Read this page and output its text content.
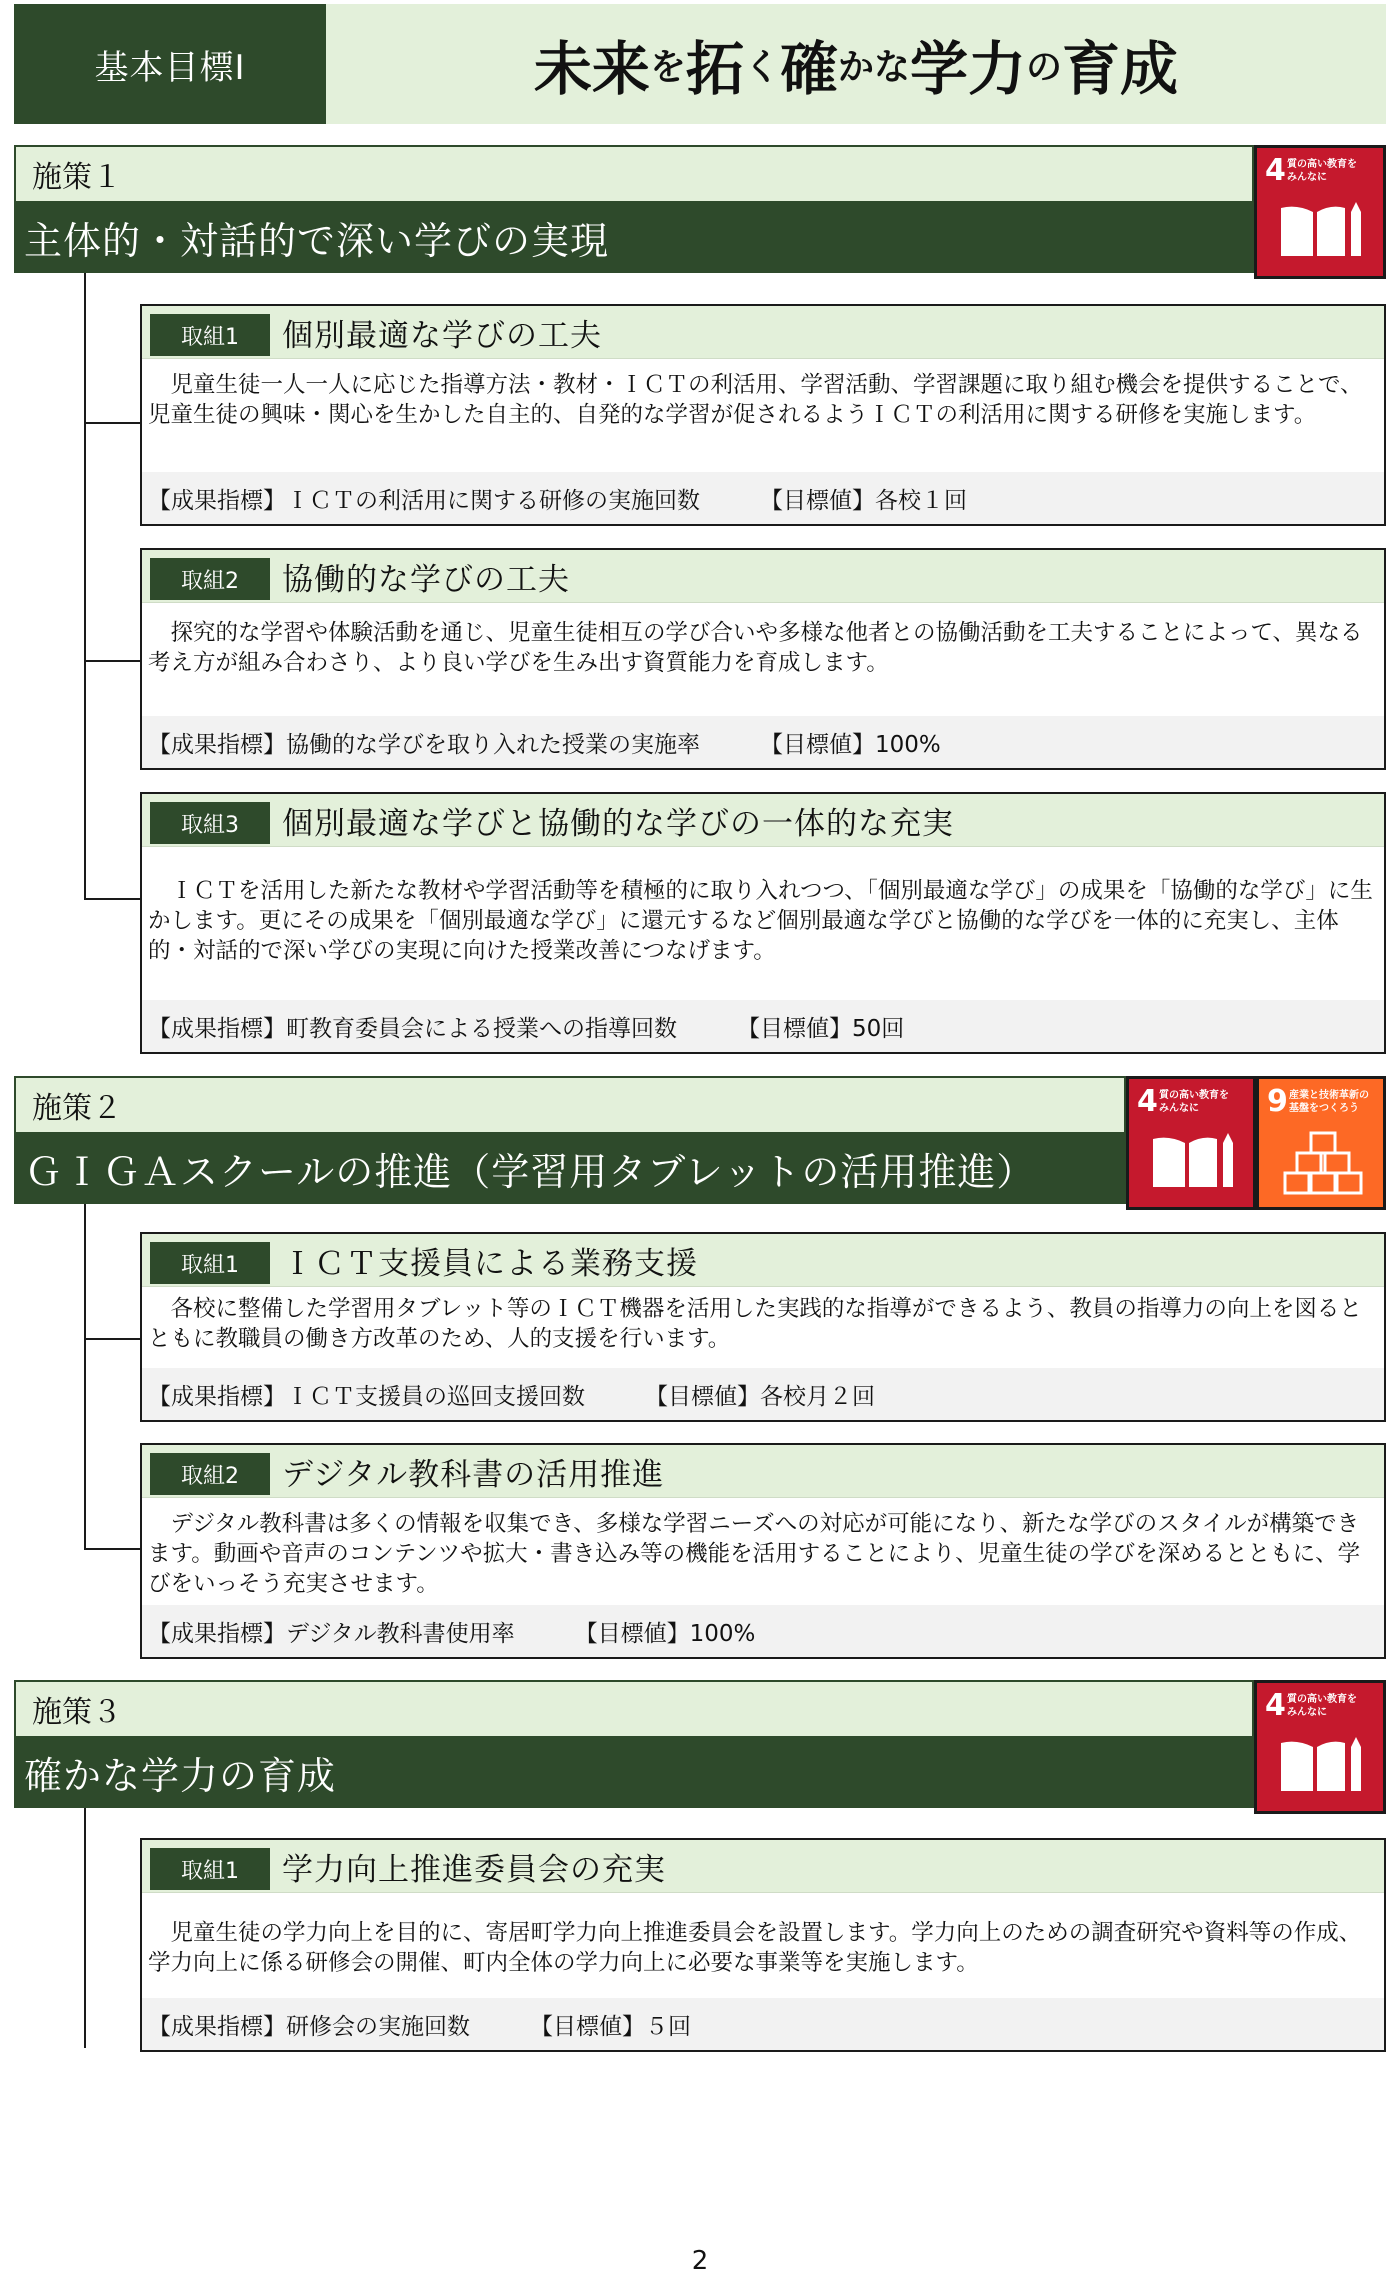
基本目標Ⅰ	未来 を 拓 く 確 かな 学力 の 育成
施策１
主体的・対話的で深い学びの実現
4 質の高い教育を
みんなに
取組1	個別最適な学びの工夫
児童生徒一人一人に応じた指導方法・教材・ＩＣＴの利活用、学習活動、学習課題に取り組む機会を提供することで、児童生徒の興味・関心を生かした自主的、自発的な学習が促されるようＩＣＴの利活用に関する研修を実施します。
【成果指標】ＩＣＴの利活用に関する研修の実施回数	【目標値】各校１回
取組2	協働的な学びの工夫
探究的な学習や体験活動を通じ、児童生徒相互の学び合いや多様な他者との協働活動を工夫することによって、異なる考え方が組み合わさり、より良い学びを生み出す資質能力を育成します。
【成果指標】協働的な学びを取り入れた授業の実施率	【目標値】100%
取組3	個別最適な学びと協働的な学びの一体的な充実
ＩＣＴを活用した新たな教材や学習活動等を積極的に取り入れつつ、「個別最適な学び」の成果を「協働的な学び」に生かします。更にその成果を「個別最適な学び」に還元するなど個別最適な学びと協働的な学びを一体的に充実し、主体的・対話的で深い学びの実現に向けた授業改善につなげます。
【成果指標】町教育委員会による授業への指導回数	【目標値】50回
施策２
ＧＩＧＡスクールの推進（学習用タブレットの活用推進）
4 質の高い教育を
みんなに	9 産業と技術革新の
基盤をつくろう
取組1	ＩＣＴ支援員による業務支援
各校に整備した学習用タブレット等のＩＣＴ機器を活用した実践的な指導ができるよう、教員の指導力の向上を図るとともに教職員の働き方改革のため、人的支援を行います。
【成果指標】ＩＣＴ支援員の巡回支援回数	【目標値】各校月２回
取組2	デジタル教科書の活用推進
デジタル教科書は多くの情報を収集でき、多様な学習ニーズへの対応が可能になり、新たな学びのスタイルが構築できます。動画や音声のコンテンツや拡大・書き込み等の機能を活用することにより、児童生徒の学びを深めるとともに、学びをいっそう充実させます。
【成果指標】デジタル教科書使用率	【目標値】100%
施策３
確かな学力の育成
4 質の高い教育を
みんなに
取組1	学力向上推進委員会の充実
児童生徒の学力向上を目的に、寄居町学力向上推進委員会を設置します。学力向上のための調査研究や資料等の作成、学力向上に係る研修会の開催、町内全体の学力向上に必要な事業等を実施します。
【成果指標】研修会の実施回数	【目標値】５回
2
